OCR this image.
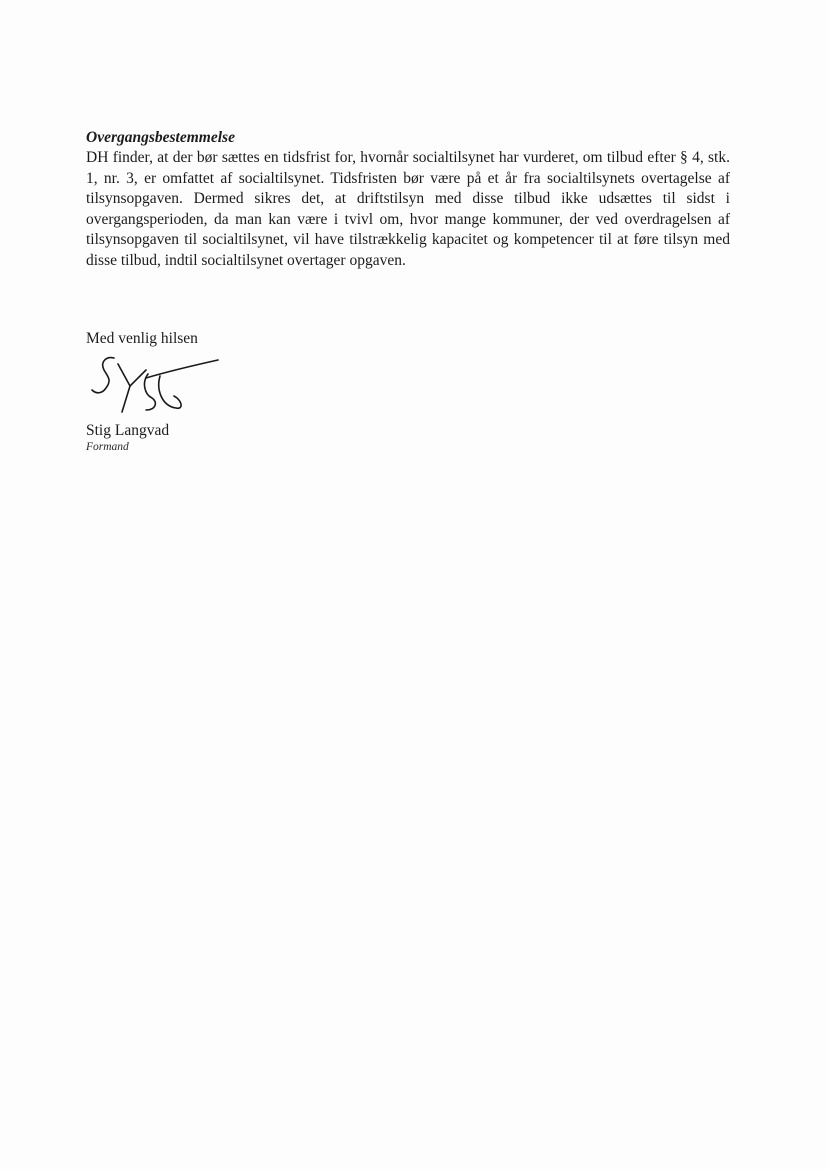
Overgangsbestemmelse

DH finder, at der bør sættes en tidsfrist for, hvornår socialtilsynet har vurderet, om tilbud efter § 4, stk. 1, nr. 3, er omfattet af socialtilsynet. Tidsfristen bør være på et år fra socialtilsynets overtagelse af tilsynsopgaven. Dermed sikres det, at driftstilsyn med disse tilbud ikke udsættes til sidst i overgangsperioden, da man kan være i tvivl om, hvor mange kommuner, der ved overdragelsen af tilsynsopgaven til socialtilsynet, vil have tilstrækkelig kapacitet og kompetencer til at føre tilsyn med disse tilbud, indtil socialtilsynet overtager opgaven.

Med venlig hilsen
Stig Langvad
Formand
